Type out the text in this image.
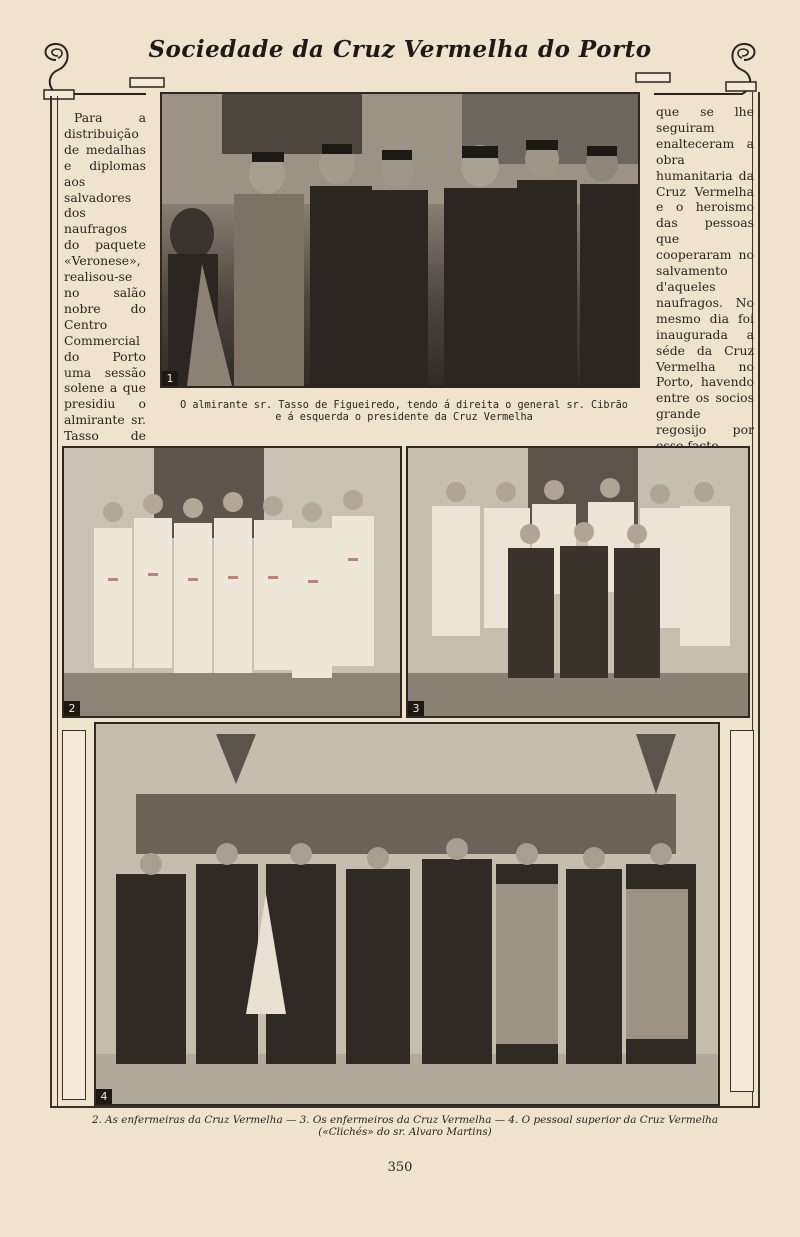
Sociedade da Cruz Vermelha do Porto

Para a distribuição de medalhas e diplomas aos salvadores dos naufragos do paquete «Veronese», realisou-se no salão nobre do Centro Commercial do Porto uma sessão solene a que presidiu o almirante sr. Tasso de

que se lhe seguiram enalteceram a obra humanitaria da Cruz Vermelha e o heroismo das pessoas que cooperaram no salvamento d'aqueles naufragos. No mesmo dia foi inaugurada a séde da Cruz Vermelha no Porto, havendo entre os socios grande regosijo por

1
O almirante sr. Tasso de Figueiredo, tendo á direita o general sr. Cibrão
e á esquerda o presidente da Cruz Vermelha
2	3
4
2. As enfermeiras da Cruz Vermelha — 3. Os enfermeiros da Cruz Vermelha — 4. O pessoal superior da Cruz Vermelha
(«Clichés» do sr. Alvaro Martins)
350
